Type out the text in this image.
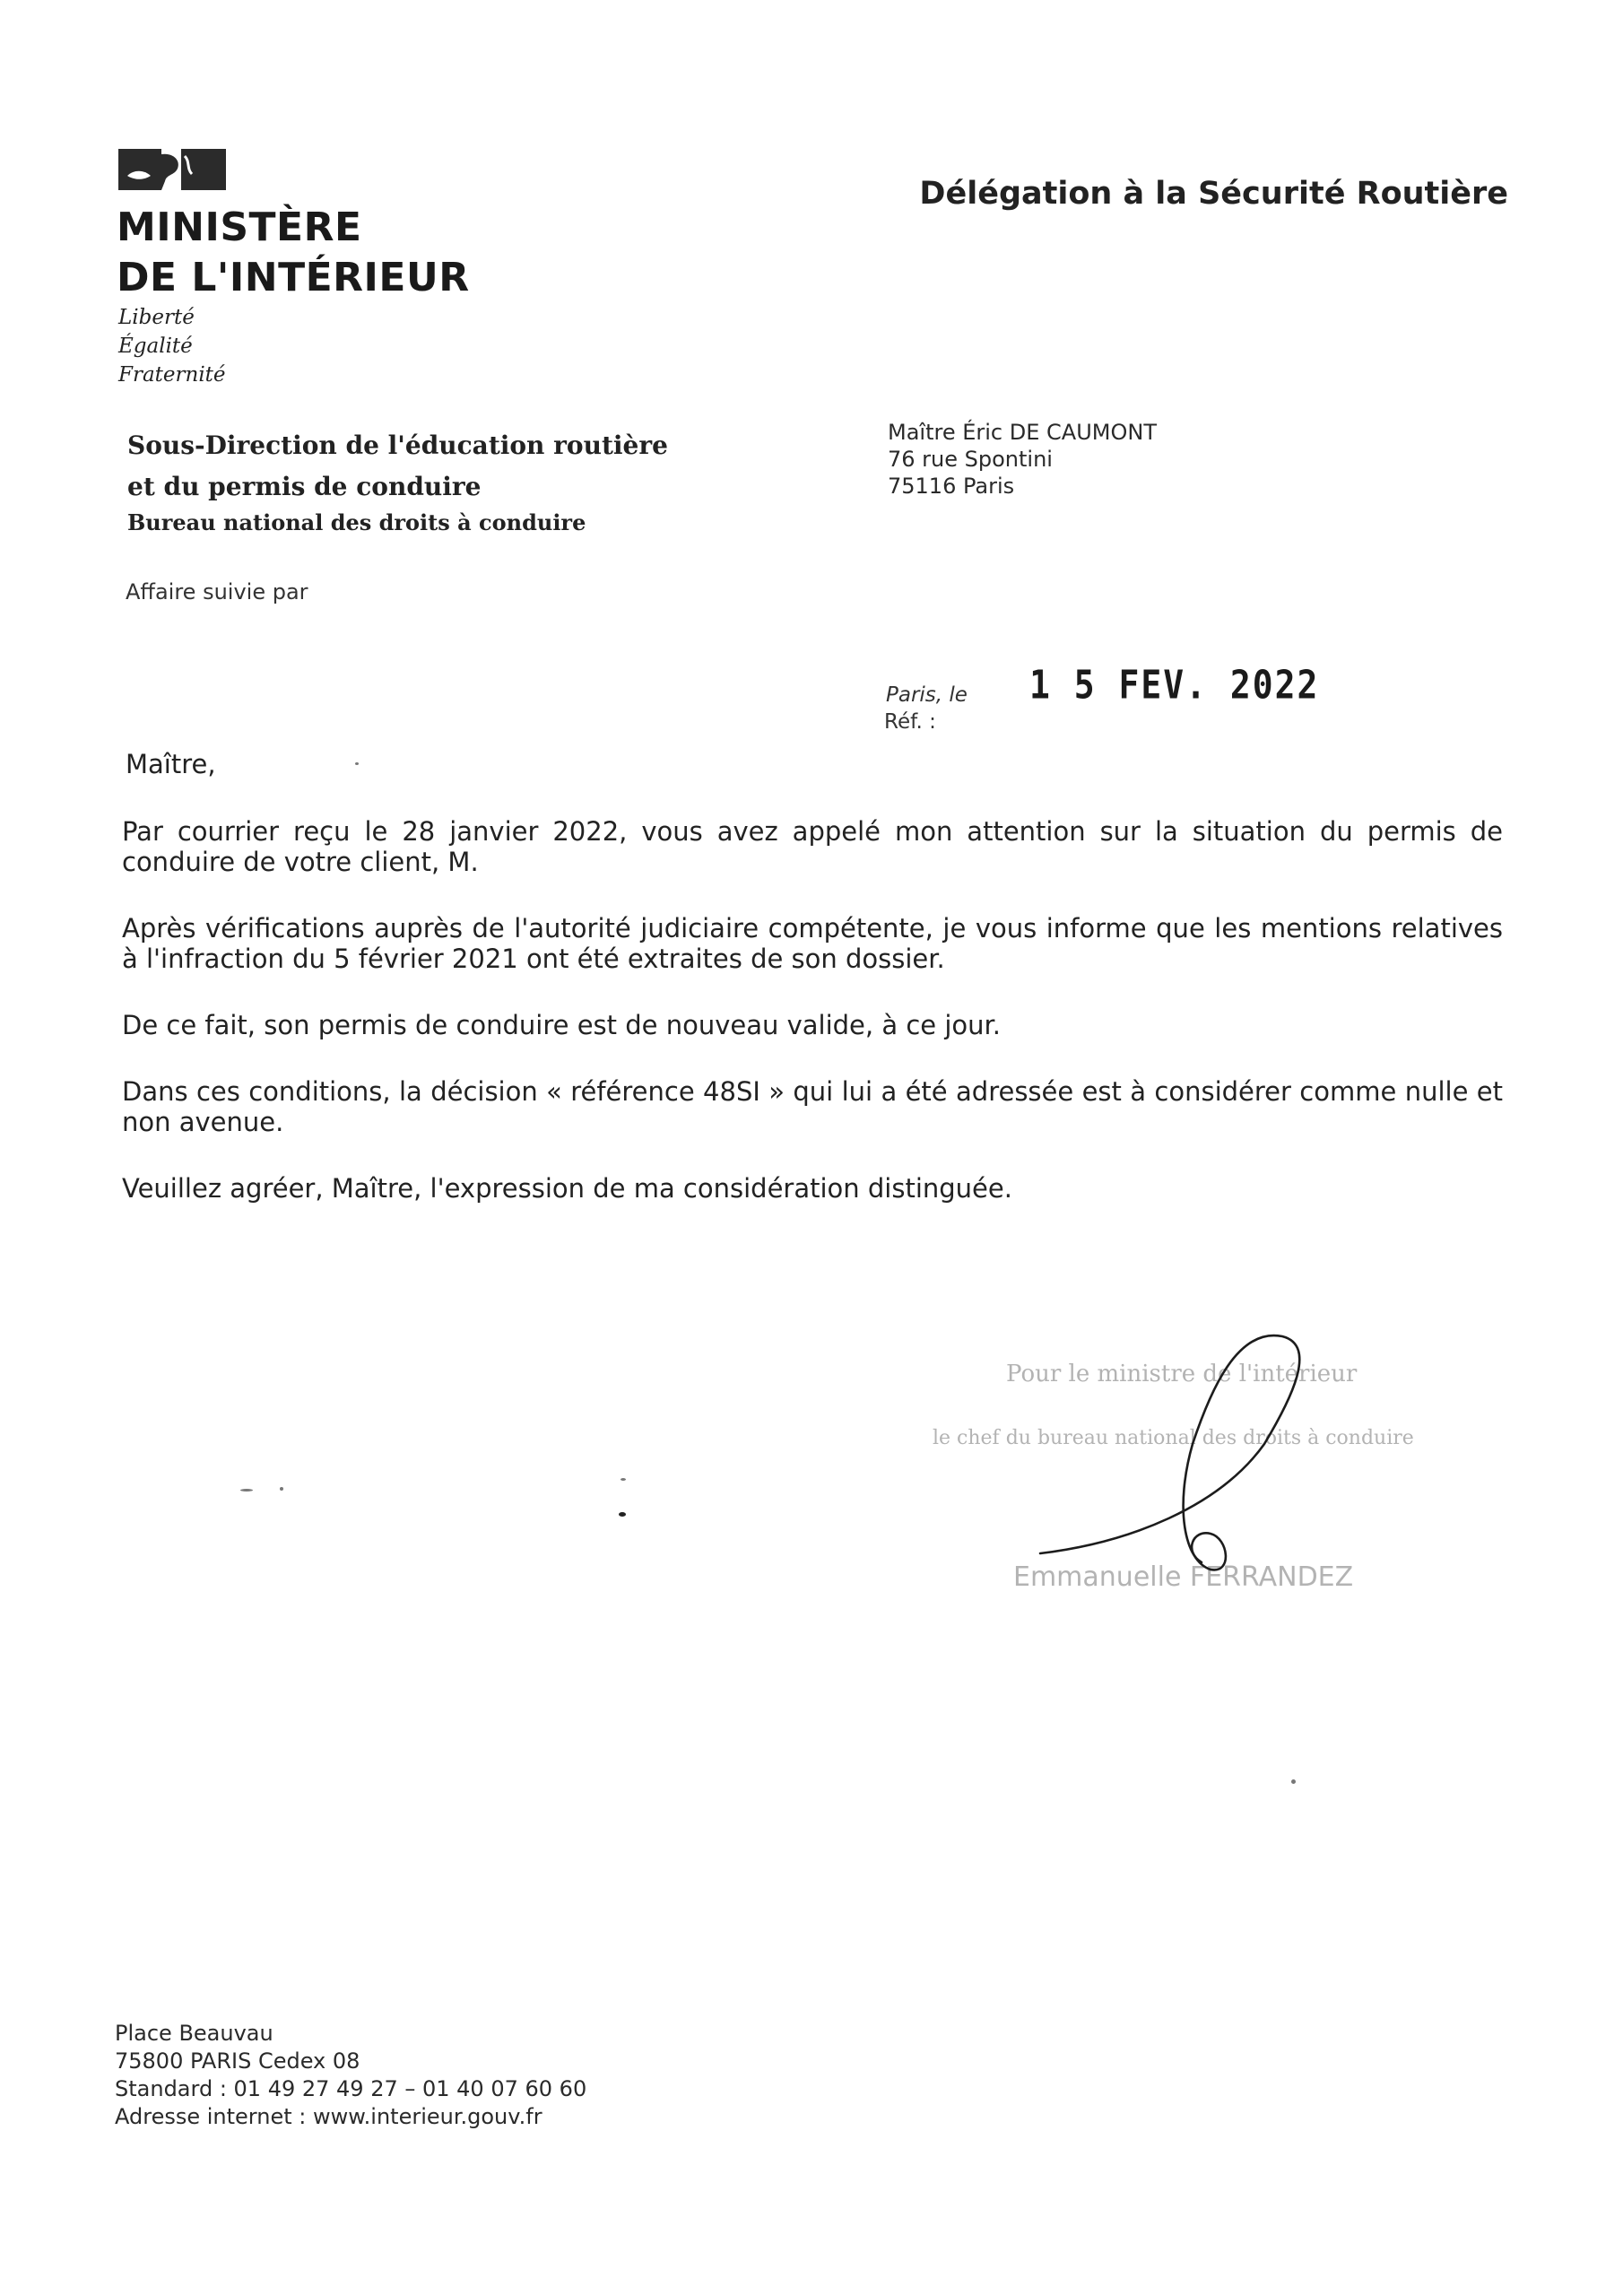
MINISTÈRE
DE L'INTÉRIEUR
Liberté
Égalité
Fraternité
Délégation à la Sécurité Routière
Sous-Direction de l'éducation routière
et du permis de conduire
Bureau national des droits à conduire
Affaire suivie par
Maître Éric DE CAUMONT
76 rue Spontini
75116 Paris
Paris, le 1 5 FEV. 2022
Réf. :
Maître,

Par courrier reçu le 28 janvier 2022, vous avez appelé mon attention sur la situation du permis de conduire de votre client, M.

Après vérifications auprès de l'autorité judiciaire compétente, je vous informe que les mentions relatives à l'infraction du 5 février 2021 ont été extraites de son dossier.

De ce fait, son permis de conduire est de nouveau valide, à ce jour.

Dans ces conditions, la décision « référence 48SI » qui lui a été adressée est à considérer comme nulle et non avenue.

Veuillez agréer, Maître, l'expression de ma considération distinguée.

Pour le ministre de l'intérieur
le chef du bureau national des droits à conduire
Emmanuelle FERRANDEZ
Place Beauvau
75800 PARIS Cedex 08
Standard : 01 49 27 49 27 – 01 40 07 60 60
Adresse internet : www.interieur.gouv.fr
